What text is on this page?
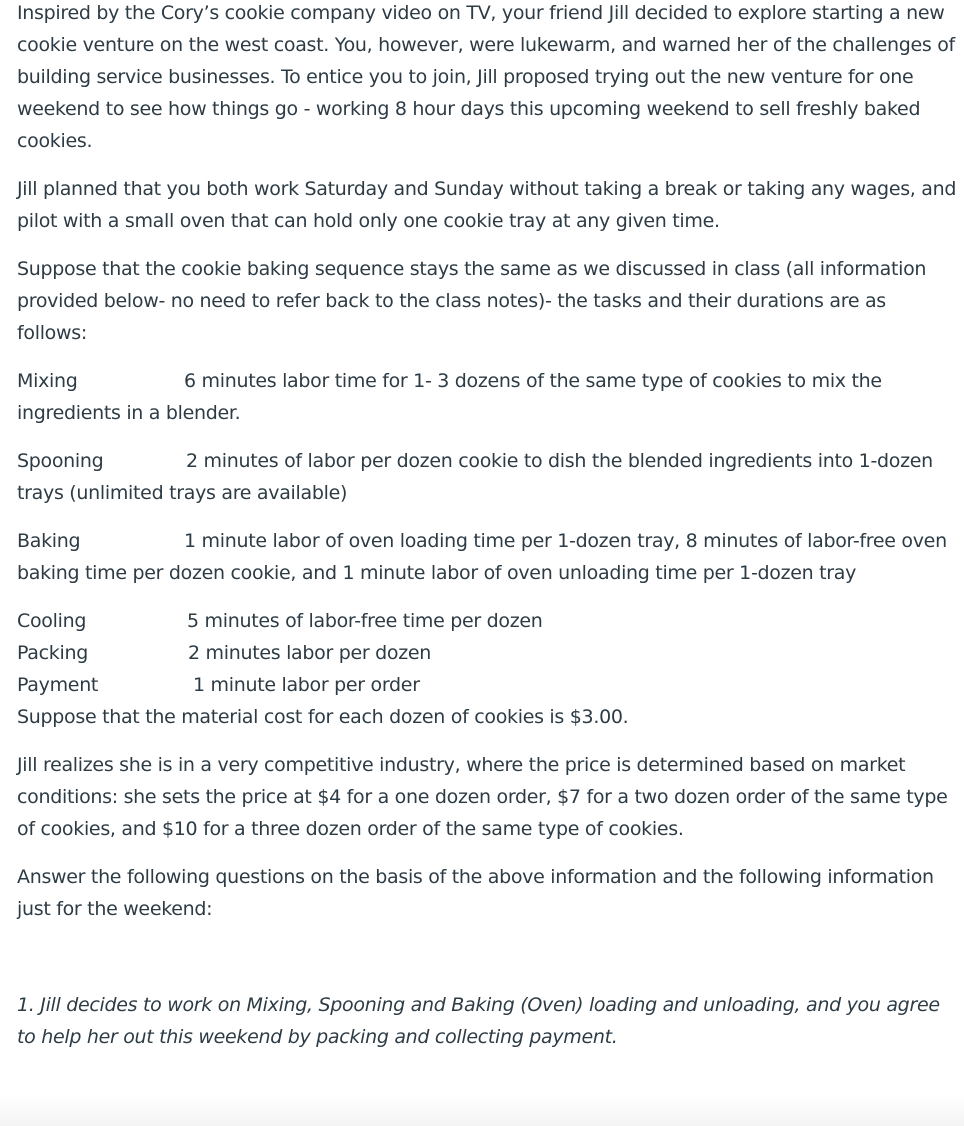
Inspired by the Cory’s cookie company video on TV, your friend Jill decided to explore starting a new cookie venture on the west coast. You, however, were lukewarm, and warned her of the challenges of building service businesses. To entice you to join, Jill proposed trying out the new venture for one weekend to see how things go - working 8 hour days this upcoming weekend to sell freshly baked cookies.

Jill planned that you both work Saturday and Sunday without taking a break or taking any wages, and pilot with a small oven that can hold only one cookie tray at any given time.

Suppose that the cookie baking sequence stays the same as we discussed in class (all information provided below- no need to refer back to the class notes)- the tasks and their durations are as follows:

Mixing	6 minutes labor time for 1- 3 dozens of the same type of cookies to mix the

ingredients in a blender.

Spooning	2 minutes of labor per dozen cookie to dish the blended ingredients into 1-dozen

trays (unlimited trays are available)

Baking	1 minute labor of oven loading time per 1-dozen tray, 8 minutes of labor-free oven

baking time per dozen cookie, and 1 minute labor of oven unloading time per 1-dozen tray

Cooling	5 minutes of labor-free time per dozen
Packing	2 minutes labor per dozen
Payment	1 minute labor per order

Suppose that the material cost for each dozen of cookies is $3.00.

Jill realizes she is in a very competitive industry, where the price is determined based on market conditions: she sets the price at $4 for a one dozen order, $7 for a two dozen order of the same type of cookies, and $10 for a three dozen order of the same type of cookies.

Answer the following questions on the basis of the above information and the following information just for the weekend:

1. Jill decides to work on Mixing, Spooning and Baking (Oven) loading and unloading, and you agree to help her out this weekend by packing and collecting payment.
